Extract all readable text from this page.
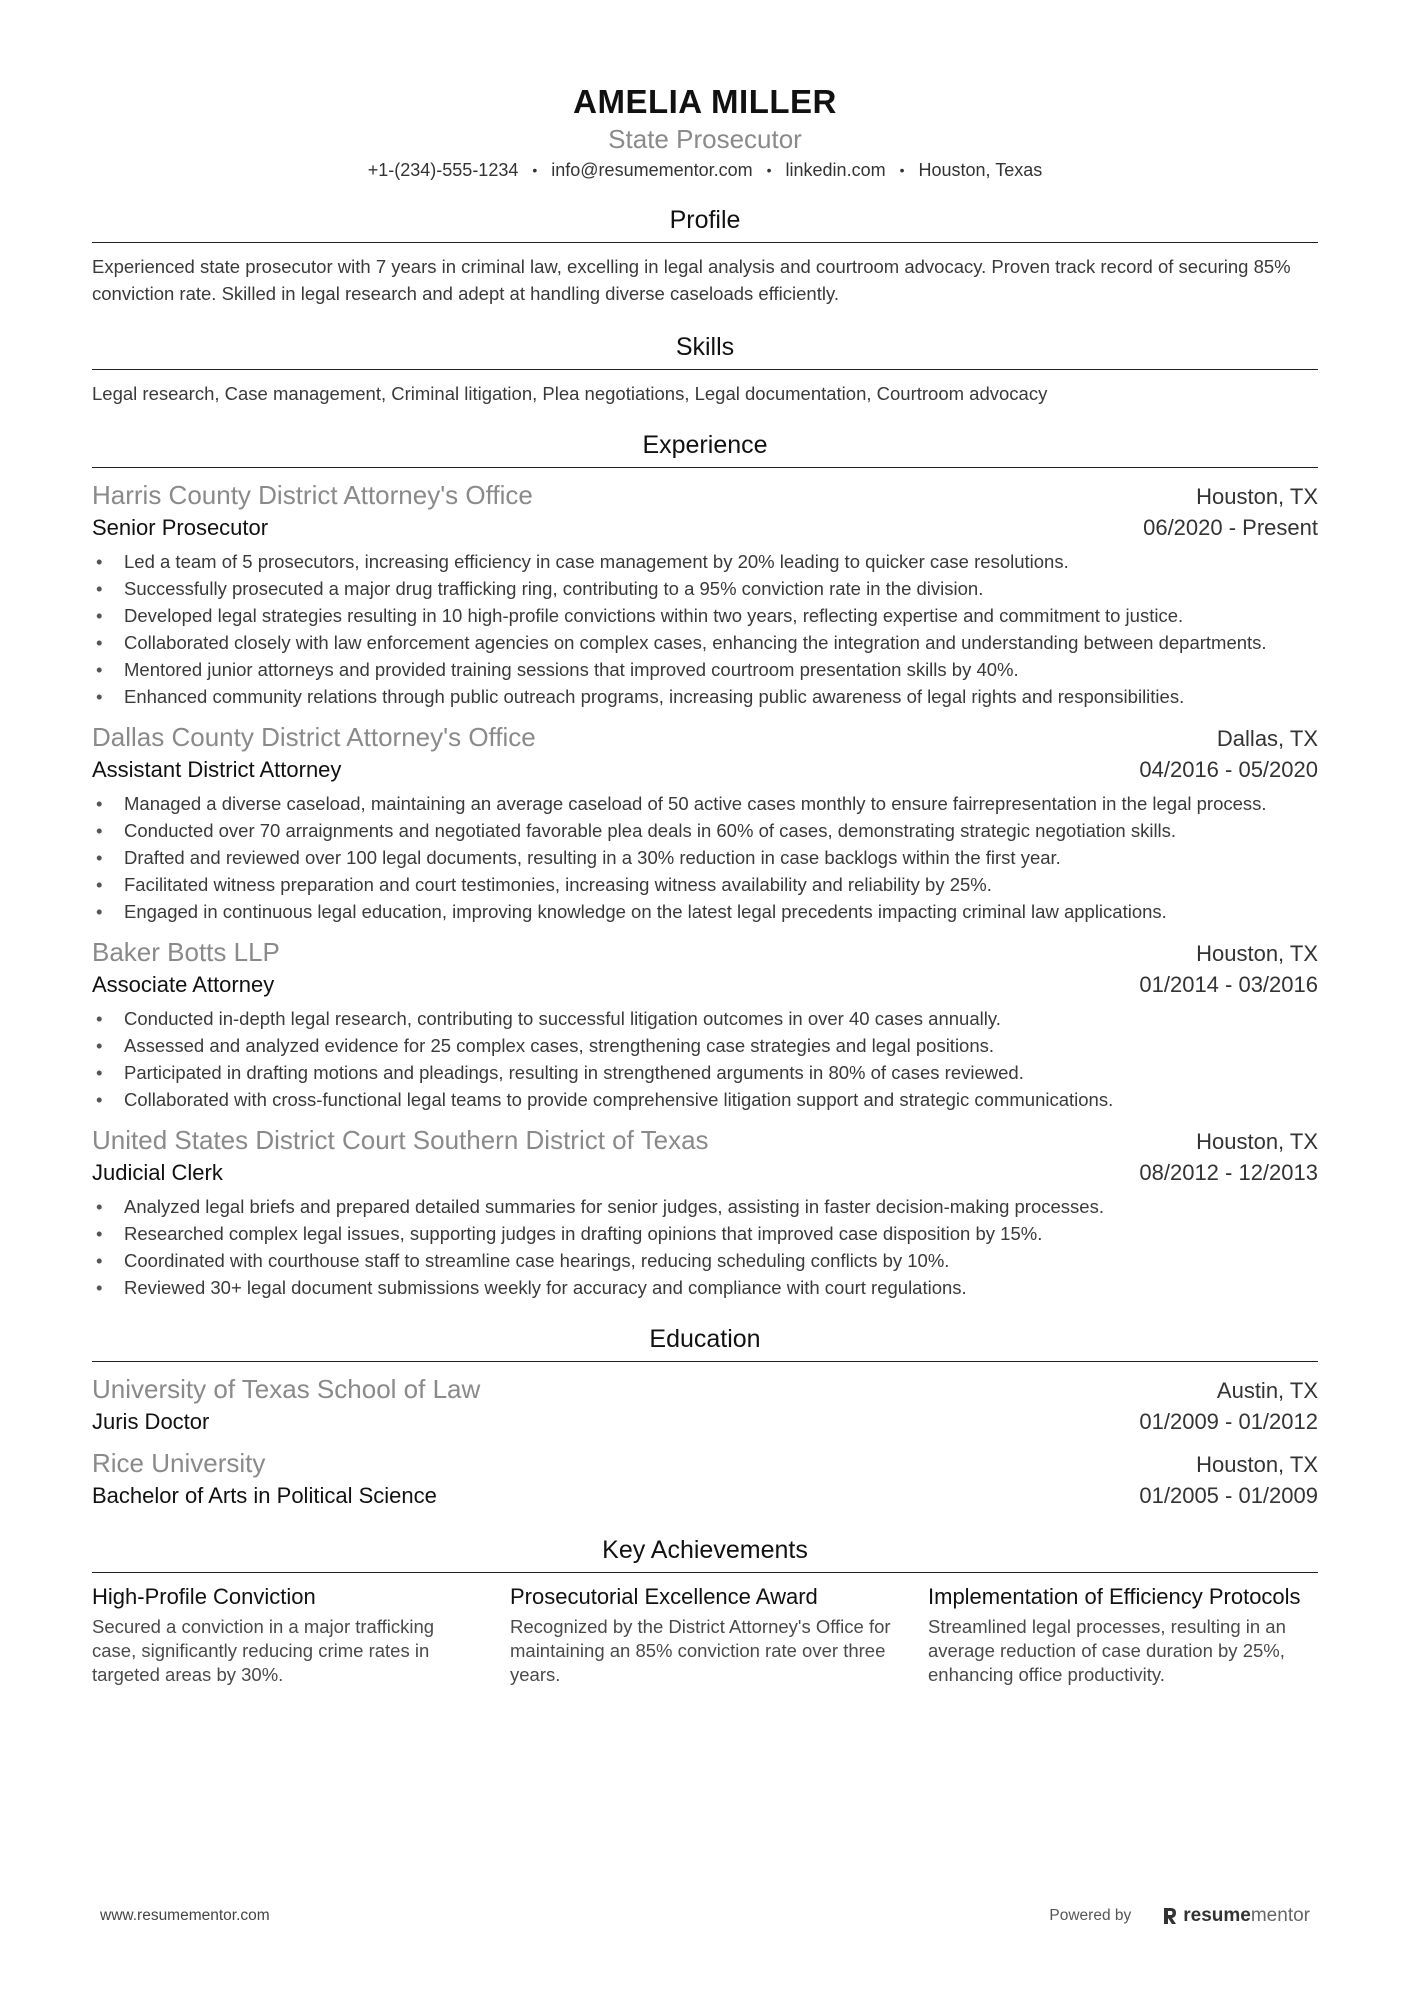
AMELIA MILLER
State Prosecutor
+1-(234)-555-1234 • info@resumementor.com • linkedin.com • Houston, Texas
Profile
Experienced state prosecutor with 7 years in criminal law, excelling in legal analysis and courtroom advocacy. Proven track record of securing 85% conviction rate. Skilled in legal research and adept at handling diverse caseloads efficiently.
Skills
Legal research, Case management, Criminal litigation, Plea negotiations, Legal documentation, Courtroom advocacy
Experience
Harris County District Attorney's Office	Houston, TX
Senior Prosecutor	06/2020 - Present
• Led a team of 5 prosecutors, increasing efficiency in case management by 20% leading to quicker case resolutions.
• Successfully prosecuted a major drug trafficking ring, contributing to a 95% conviction rate in the division.
• Developed legal strategies resulting in 10 high-profile convictions within two years, reflecting expertise and commitment to justice.
• Collaborated closely with law enforcement agencies on complex cases, enhancing the integration and understanding between departments.
• Mentored junior attorneys and provided training sessions that improved courtroom presentation skills by 40%.
• Enhanced community relations through public outreach programs, increasing public awareness of legal rights and responsibilities.
Dallas County District Attorney's Office	Dallas, TX
Assistant District Attorney	04/2016 - 05/2020
• Managed a diverse caseload, maintaining an average caseload of 50 active cases monthly to ensure fairrepresentation in the legal process.
• Conducted over 70 arraignments and negotiated favorable plea deals in 60% of cases, demonstrating strategic negotiation skills.
• Drafted and reviewed over 100 legal documents, resulting in a 30% reduction in case backlogs within the first year.
• Facilitated witness preparation and court testimonies, increasing witness availability and reliability by 25%.
• Engaged in continuous legal education, improving knowledge on the latest legal precedents impacting criminal law applications.
Baker Botts LLP	Houston, TX
Associate Attorney	01/2014 - 03/2016
• Conducted in-depth legal research, contributing to successful litigation outcomes in over 40 cases annually.
• Assessed and analyzed evidence for 25 complex cases, strengthening case strategies and legal positions.
• Participated in drafting motions and pleadings, resulting in strengthened arguments in 80% of cases reviewed.
• Collaborated with cross-functional legal teams to provide comprehensive litigation support and strategic communications.
United States District Court Southern District of Texas	Houston, TX
Judicial Clerk	08/2012 - 12/2013
• Analyzed legal briefs and prepared detailed summaries for senior judges, assisting in faster decision-making processes.
• Researched complex legal issues, supporting judges in drafting opinions that improved case disposition by 15%.
• Coordinated with courthouse staff to streamline case hearings, reducing scheduling conflicts by 10%.
• Reviewed 30+ legal document submissions weekly for accuracy and compliance with court regulations.
Education
University of Texas School of Law	Austin, TX
Juris Doctor	01/2009 - 01/2012
Rice University	Houston, TX
Bachelor of Arts in Political Science	01/2005 - 01/2009
Key Achievements
High-Profile Conviction
Secured a conviction in a major trafficking case, significantly reducing crime rates in targeted areas by 30%.
Prosecutorial Excellence Award
Recognized by the District Attorney's Office for maintaining an 85% conviction rate over three years.
Implementation of Efficiency Protocols
Streamlined legal processes, resulting in an average reduction of case duration by 25%, enhancing office productivity.
www.resumementor.com	Powered by	resumementor
